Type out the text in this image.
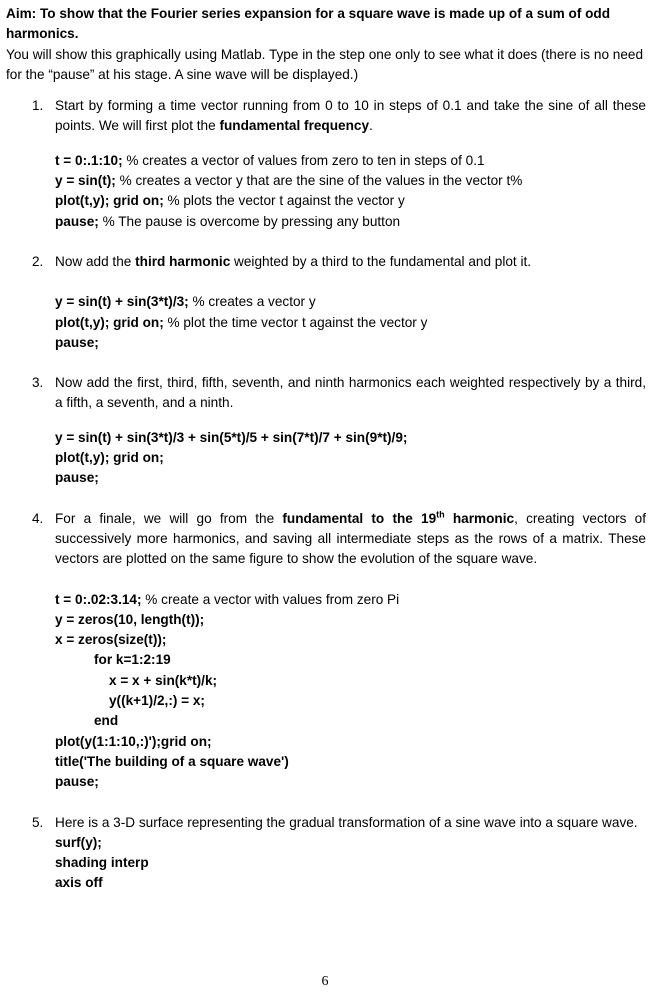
Aim: To show that the Fourier series expansion for a square wave is made up of a sum of odd harmonics.

You will show this graphically using Matlab. Type in the step one only to see what it does (there is no need for the “pause” at his stage. A sine wave will be displayed.)

1. Start by forming a time vector running from 0 to 10 in steps of 0.1 and take the sine of all these points. We will first plot the fundamental frequency.

t = 0:.1:10; % creates a vector of values from zero to ten in steps of 0.1
y = sin(t); % creates a vector y that are the sine of the values in the vector t%
plot(t,y); grid on; % plots the vector t against the vector y
pause; % The pause is overcome by pressing any button
2. Now add the third harmonic weighted by a third to the fundamental and plot it.

y = sin(t) + sin(3*t)/3; % creates a vector y
plot(t,y); grid on; % plot the time vector t against the vector y
pause;
3. Now add the first, third, fifth, seventh, and ninth harmonics each weighted respectively by a third, a fifth, a seventh, and a ninth.

y = sin(t) + sin(3*t)/3 + sin(5*t)/5 + sin(7*t)/7 + sin(9*t)/9;
plot(t,y); grid on;
pause;
4. For a finale, we will go from the fundamental to the 19th harmonic, creating vectors of successively more harmonics, and saving all intermediate steps as the rows of a matrix. These vectors are plotted on the same figure to show the evolution of the square wave.

t = 0:.02:3.14; % create a vector with values from zero Pi
y = zeros(10, length(t));
x = zeros(size(t));
for k=1:2:19
x = x + sin(k*t)/k;
y((k+1)/2,:) = x;
end
plot(y(1:1:10,:)');grid on;
title('The building of a square wave')
pause;
5. Here is a 3-D surface representing the gradual transformation of a sine wave into a square wave.

surf(y);
shading interp
axis off
6
